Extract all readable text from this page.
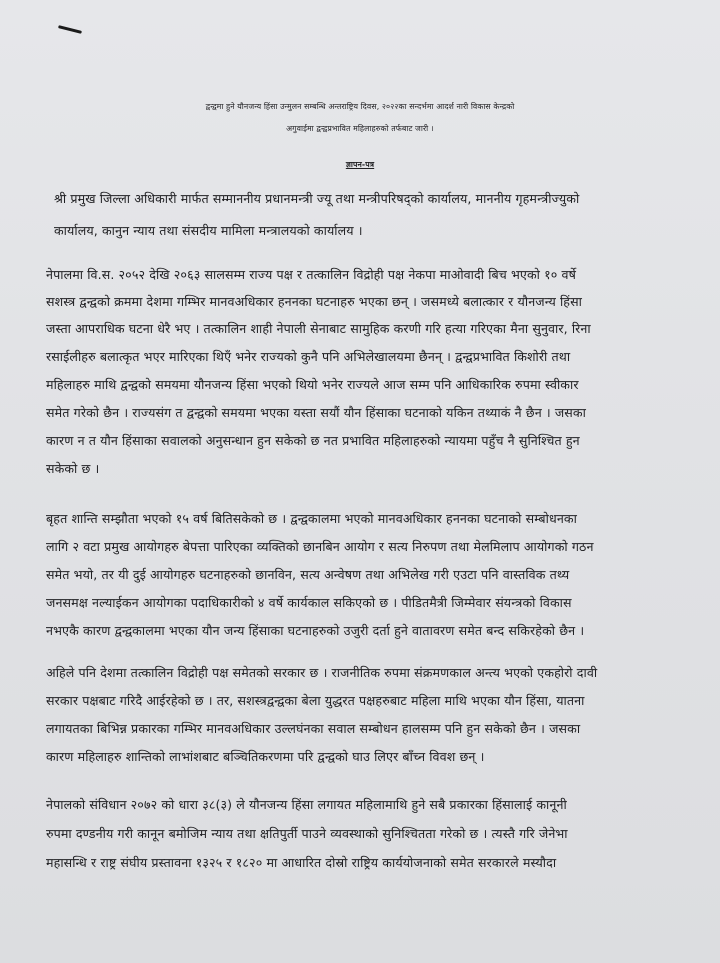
द्वन्द्वमा हुने यौनजन्य हिंसा उन्मुलन सम्बन्धि अन्तराष्ट्रिय दिवस, २०२२का सन्दर्भमा आदर्श नारी विकास केन्द्रको
अगुवाईमा द्वन्द्वप्रभावित महिलाहरुको तर्फबाट जारी ।
ज्ञापन-पत्र
श्री प्रमुख जिल्ला अधिकारी मार्फत सम्माननीय प्रधानमन्त्री ज्यू तथा मन्त्रीपरिषद्को कार्यालय, माननीय गृहमन्त्रीज्युको
कार्यालय, कानुन न्याय तथा संसदीय मामिला मन्त्रालयको कार्यालय ।
नेपालमा वि.स. २०५२ देखि २०६३ सालसम्म राज्य पक्ष र तत्कालिन विद्रोही पक्ष नेकपा माओवादी बिच भएको १० वर्षे
सशस्त्र द्वन्द्वको क्रममा देशमा गम्भिर मानवअधिकार हननका घटनाहरु भएका छन् । जसमध्ये बलात्कार र यौनजन्य हिंसा
जस्ता आपराधिक घटना धेरै भए । तत्कालिन शाही नेपाली सेनाबाट सामुहिक करणी गरि हत्या गरिएका मैना सुनुवार, रिना
रसाईलीहरु बलात्कृत भएर मारिएका थिएँ भनेर राज्यको कुनै पनि अभिलेखालयमा छैनन् । द्वन्द्वप्रभावित किशोरी तथा
महिलाहरु माथि द्वन्द्वको समयमा यौनजन्य हिंसा भएको थियो भनेर राज्यले आज सम्म पनि आधिकारिक रुपमा स्वीकार
समेत गरेको छैन । राज्यसंग त द्वन्द्वको समयमा भएका यस्ता सयौं यौन हिंसाका घटनाको यकिन तथ्याकं नै छैन । जसका
कारण न त यौन हिंसाका सवालको अनुसन्धान हुन सकेको छ नत प्रभावित महिलाहरुको न्यायमा पहुँच नै सुनिश्चित हुन
सकेको छ ।
बृहत शान्ति सम्झौता भएको १५ वर्ष बितिसकेको छ । द्वन्द्वकालमा भएको मानवअधिकार हननका घटनाको सम्बोधनका
लागि २ वटा प्रमुख आयोगहरु बेपत्ता पारिएका व्यक्तिको छानबिन आयोग र सत्य निरुपण तथा मेलमिलाप आयोगको गठन
समेत भयो, तर यी दुई आयोगहरु घटनाहरुको छानविन, सत्य अन्वेषण तथा अभिलेख गरी एउटा पनि वास्तविक तथ्य
जनसमक्ष नल्याईकन आयोगका पदाधिकारीको ४ वर्षे कार्यकाल सकिएको छ । पीडितमैत्री जिम्मेवार संयन्त्रको विकास
नभएकै कारण द्वन्द्वकालमा भएका यौन जन्य हिंसाका घटनाहरुको उजुरी दर्ता हुने वातावरण समेत बन्द सकिरहेको छैन ।
अहिले पनि देशमा तत्कालिन विद्रोही पक्ष समेतको सरकार छ । राजनीतिक रुपमा संक्रमणकाल अन्त्य भएको एकहोरो दावी
सरकार पक्षबाट गरिदै आईरहेको छ । तर, सशस्त्रद्वन्द्वका बेला युद्धरत पक्षहरुबाट महिला माथि भएका यौन हिंसा, यातना
लगायतका बिभिन्न प्रकारका गम्भिर मानवअधिकार उल्लघंनका सवाल सम्बोधन हालसम्म पनि हुन सकेको छैन । जसका
कारण महिलाहरु शान्तिको लाभांशबाट बञ्चितिकरणमा परि द्वन्द्वको घाउ लिएर बाँच्न विवश छन् ।
नेपालको संविधान २०७२ को धारा ३८(३) ले यौनजन्य हिंसा लगायत महिलामाथि हुने सबै प्रकारका हिंसालाई कानूनी
रुपमा दण्डनीय गरी कानून बमोजिम न्याय तथा क्षतिपुर्ती पाउने व्यवस्थाको सुनिश्चितता गरेको छ । त्यस्तै गरि जेनेभा
महासन्धि र राष्ट्र संघीय प्रस्तावना १३२५ र १८२० मा आधारित दोस्रो राष्ट्रिय कार्ययोजनाको समेत सरकारले मस्यौदा
